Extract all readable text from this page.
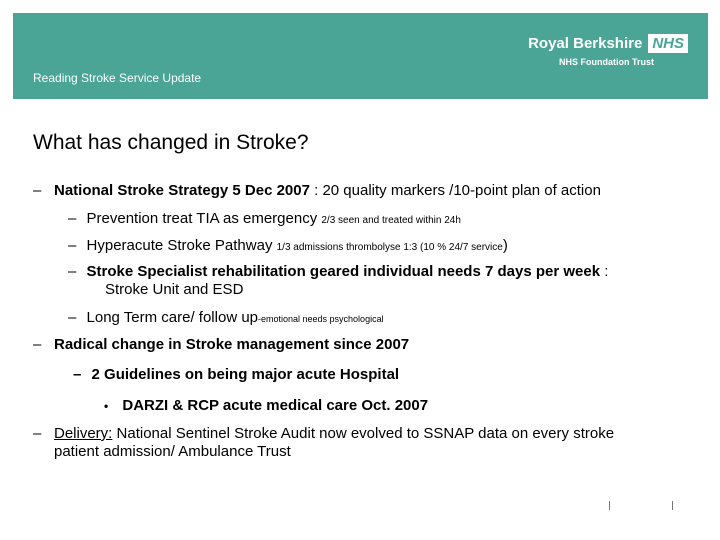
Reading Stroke Service Update
Royal Berkshire NHS
NHS Foundation Trust
What has changed in Stroke?
– National Stroke Strategy 5 Dec 2007 : 20 quality markers /10-point plan of action
– Prevention treat TIA as emergency 2/3 seen and treated within 24h
– Hyperacute Stroke Pathway 1/3 admissions thrombolyse 1:3 (10 % 24/7 service)
– Stroke Specialist rehabilitation geared individual needs 7 days per week :
Stroke Unit and ESD
– Long Term care/ follow up-emotional needs psychological
– Radical change in Stroke management since 2007
– 2 Guidelines on being major acute Hospital
• DARZI & RCP acute medical care Oct. 2007
– Delivery: National Sentinel Stroke Audit now evolved to SSNAP data on every stroke
patient admission/ Ambulance Trust
